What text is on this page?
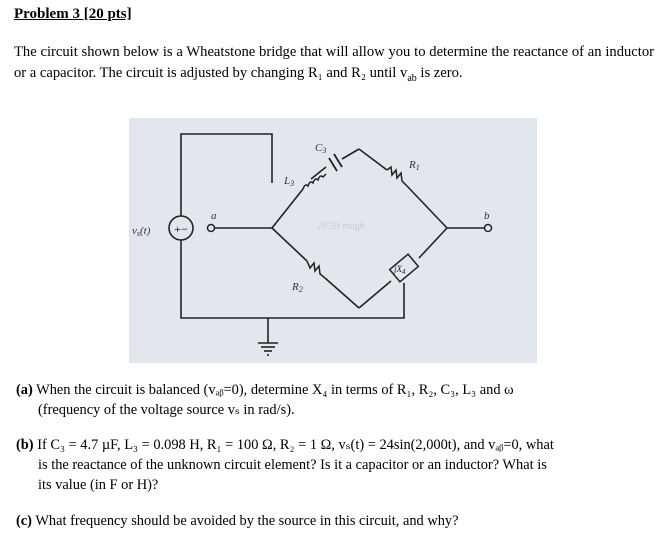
Problem 3 [20 pts]
The circuit shown below is a Wheatstone bridge that will allow you to determine the reactance of an inductor or a capacitor. The circuit is adjusted by changing R₁ and R₂ until $v_{ab}$ is zero.
+−
vs(t)
a	b
L3
C3
R1
R2
$jX_4$
28.59 mugh
(a) When the circuit is balanced (vₐᵦ=0), determine X₄ in terms of R₁, R₂, C₃, L₃ and ω
(frequency of the voltage source vₛ in rad/s).
(b) If C₃ = 4.7 µF, L₃ = 0.098 H, R₁ = 100 Ω, R₂ = 1 Ω, vₛ(t) = 24sin(2,000t), and vₐᵦ=0, what
is the reactance of the unknown circuit element? Is it a capacitor or an inductor? What is
its value (in F or H)?
(c) What frequency should be avoided by the source in this circuit, and why?
